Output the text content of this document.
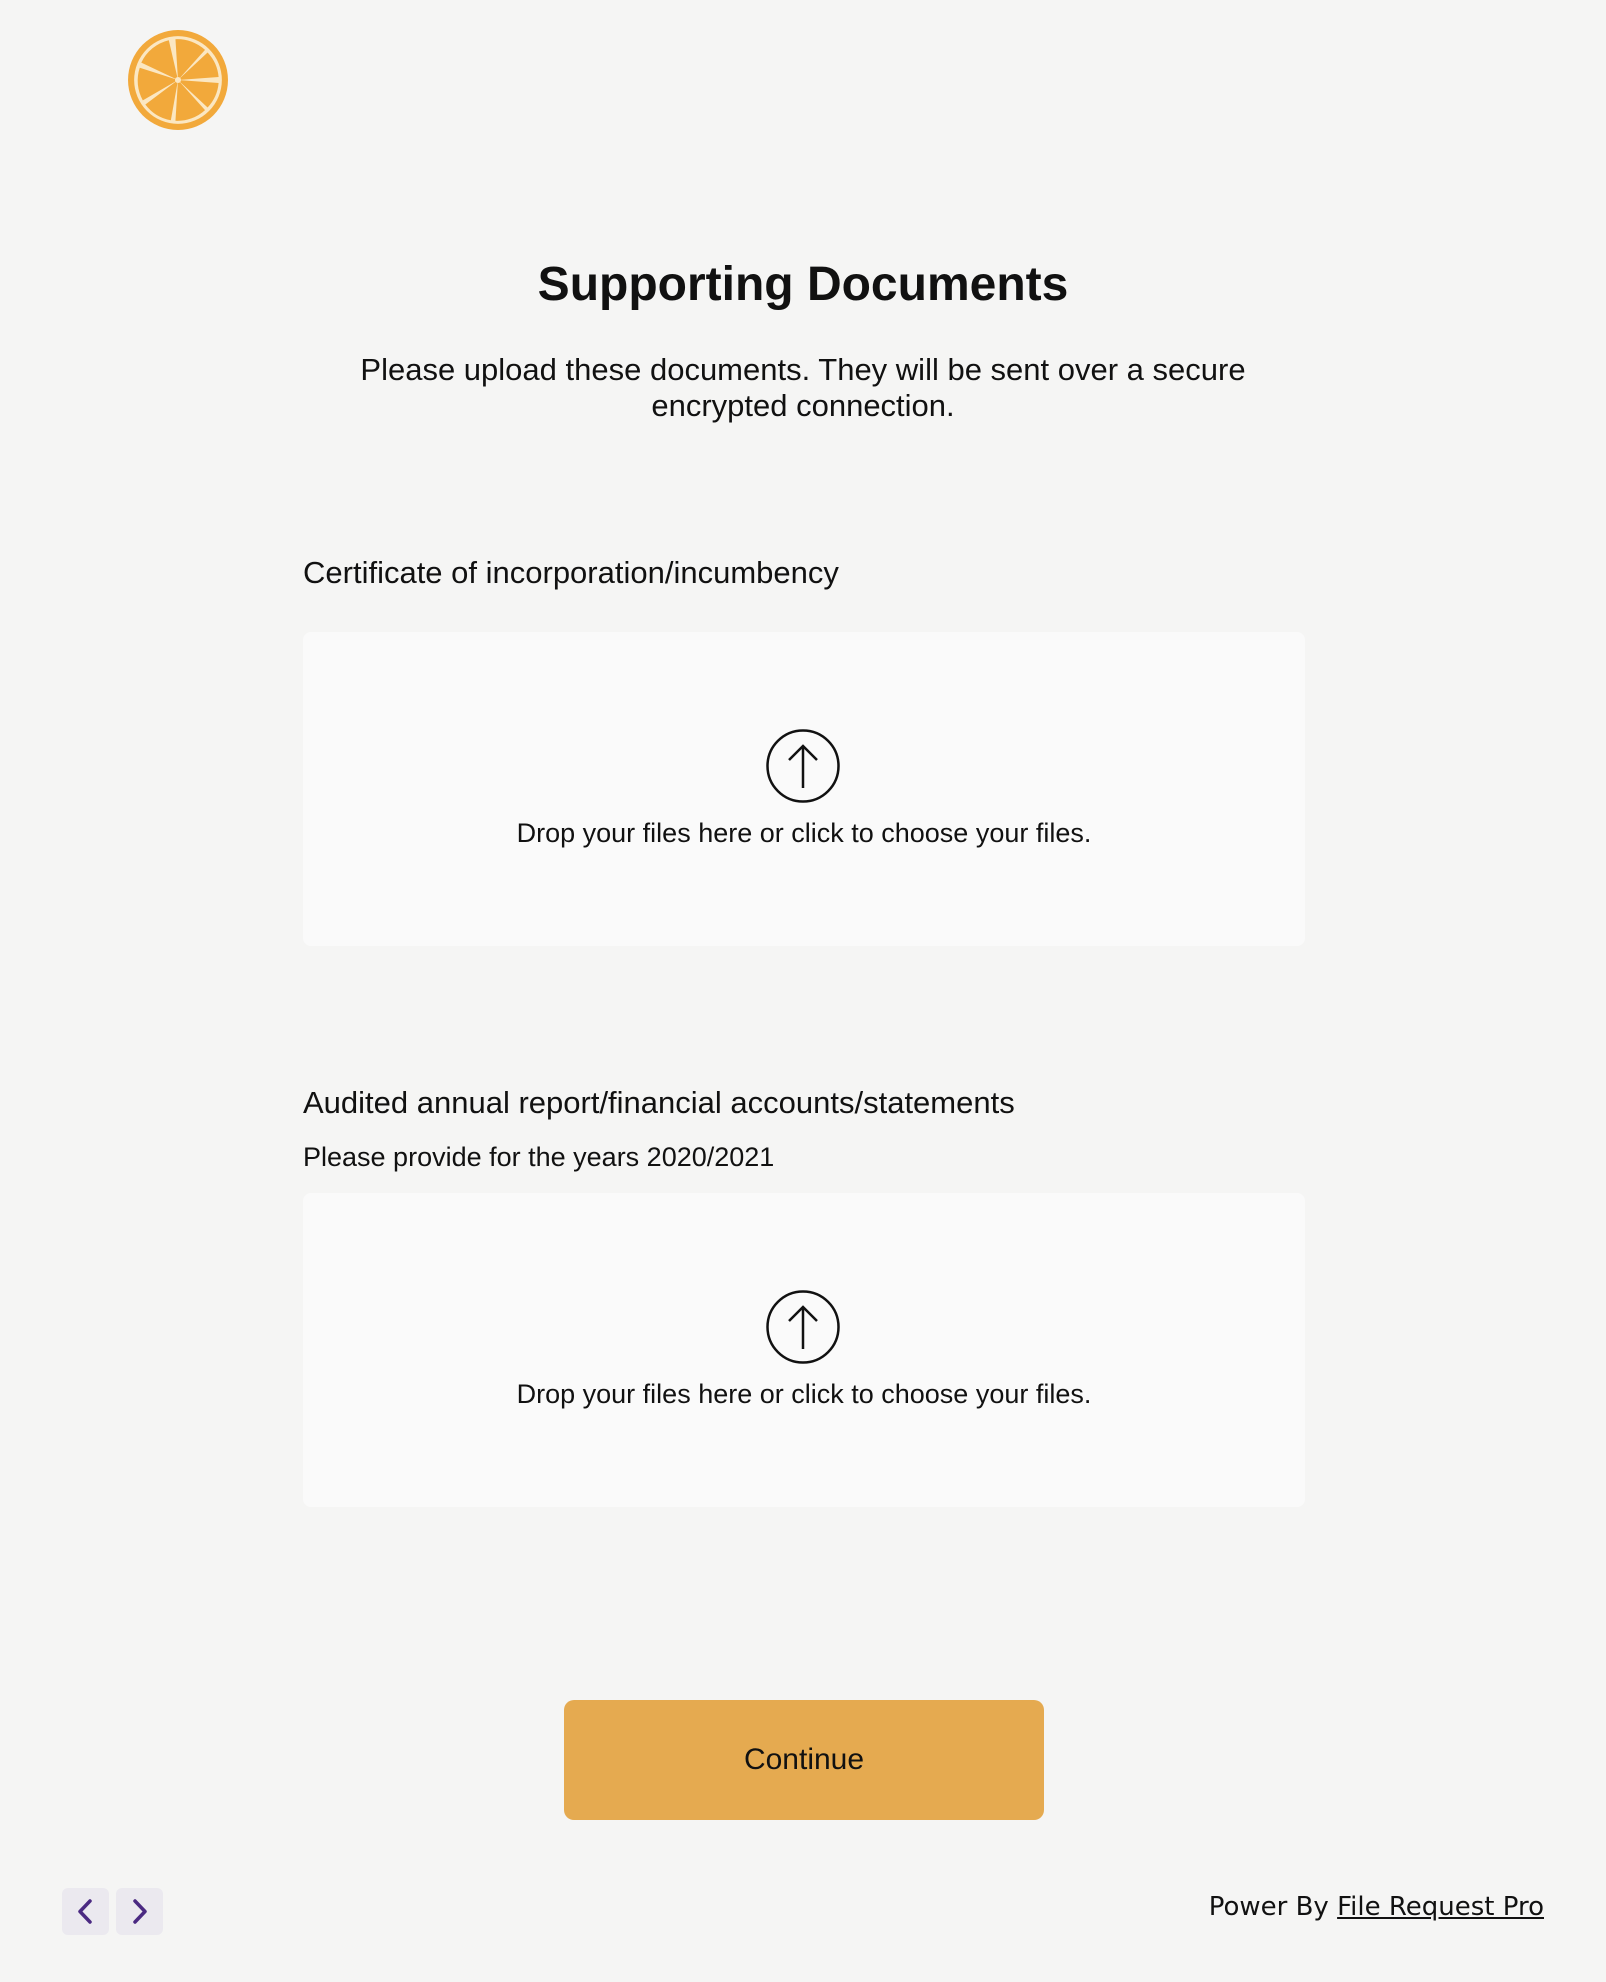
Supporting Documents
Please upload these documents. They will be sent over a secure encrypted connection.
Certificate of incorporation/incumbency
Drop your files here or click to choose your files.
Audited annual report/financial accounts/statements
Please provide for the years 2020/2021
Drop your files here or click to choose your files.
Continue
Power By File Request Pro
